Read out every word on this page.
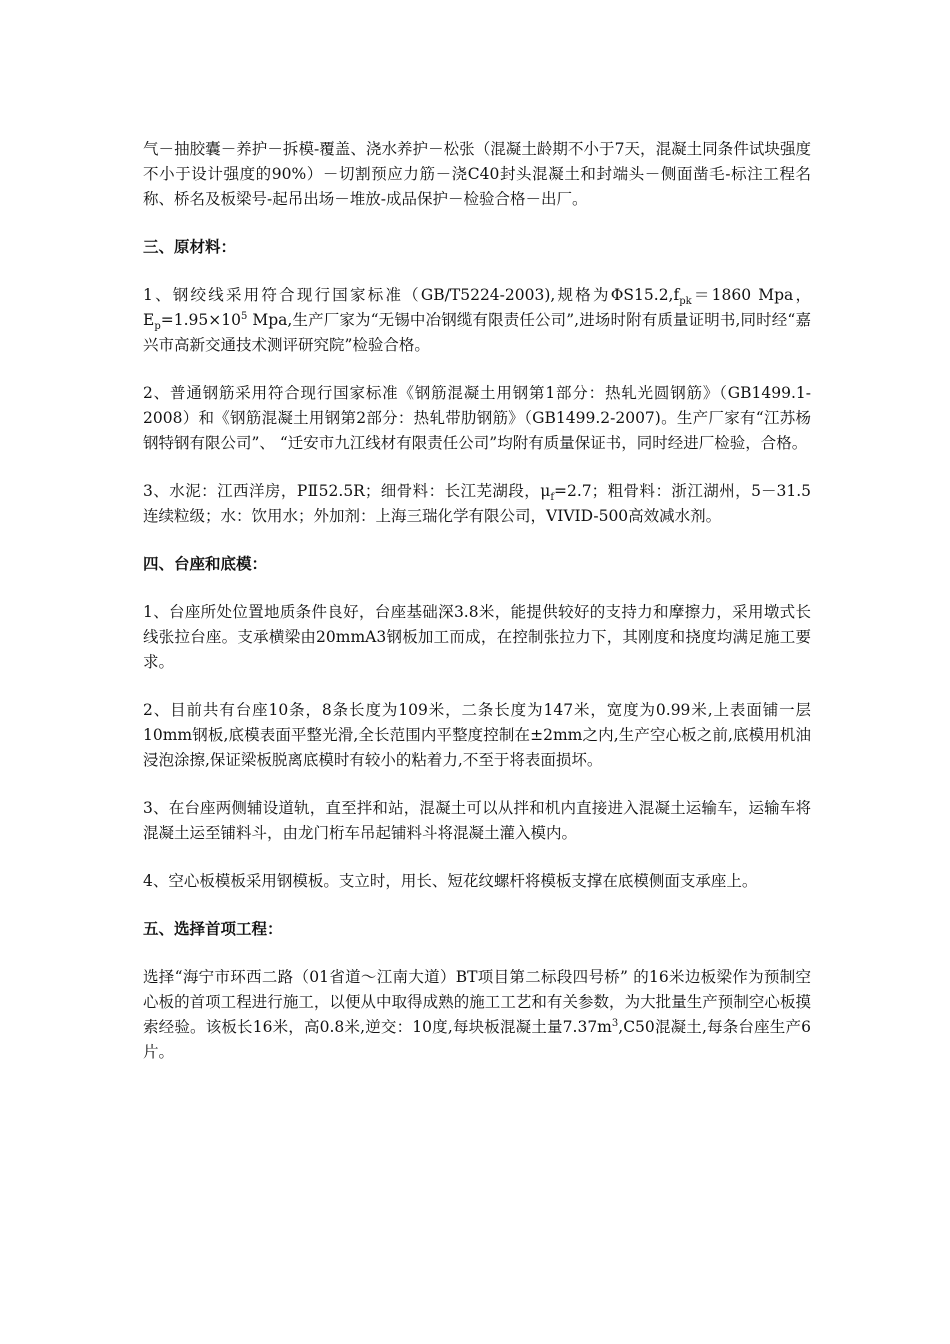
气－抽胶囊－养护－拆模-覆盖、浇水养护－松张（混凝土龄期不小于7天，混凝土同条件试块强度不小于设计强度的90%）－切割预应力筋－浇C40封头混凝土和封端头－侧面凿毛-标注工程名称、桥名及板梁号-起吊出场－堆放-成品保护－检验合格－出厂。

三、原材料：

1、钢绞线采用符合现行国家标准（GB/T5224-2003),规格为$\Phi S15.2,f_{pk}=1860$ Mpa， $E_p=1.95\times 10^5$ Mpa,生产厂家为“无锡中冶钢缆有限责任公司”,进场时附有质量证明书,同时经“嘉兴市高新交通技术测评研究院”检验合格。

2、普通钢筋采用符合现行国家标准《钢筋混凝土用钢第1部分：热轧光圆钢筋》（GB1499.1-2008）和《钢筋混凝土用钢第2部分：热轧带肋钢筋》（GB1499.2-2007)。生产厂家有“江苏杨钢特钢有限公司”、 “迁安市九江线材有限责任公司”均附有质量保证书，同时经进厂检验，合格。

3、水泥：江西洋房，PⅡ52.5R；细骨料：长江芜湖段，$\mu_f=2.7$；粗骨料：浙江湖州，5－31.5连续粒级；水：饮用水；外加剂：上海三瑞化学有限公司，VIVID-500高效减水剂。

四、台座和底模：

1、台座所处位置地质条件良好，台座基础深3.8米，能提供较好的支持力和摩擦力，采用墩式长线张拉台座。支承横梁由20mmA3钢板加工而成，在控制张拉力下，其刚度和挠度均满足施工要求。

2、目前共有台座10条，8条长度为109米，二条长度为147米，宽度为0.99米,上表面铺一层10mm钢板,底模表面平整光滑,全长范围内平整度控制在±2mm之内,生产空心板之前,底模用机油浸泡涂擦,保证梁板脱离底模时有较小的粘着力,不至于将表面损坏。

3、在台座两侧辅设道轨，直至拌和站，混凝土可以从拌和机内直接进入混凝土运输车，运输车将混凝土运至铺料斗，由龙门桁车吊起铺料斗将混凝土灌入模内。

4、空心板模板采用钢模板。支立时，用长、短花纹螺杆将模板支撑在底模侧面支承座上。

五、选择首项工程：

选择“海宁市环西二路（01省道～江南大道）BT项目第二标段四号桥” 的16米边板梁作为预制空心板的首项工程进行施工，以便从中取得成熟的施工工艺和有关参数，为大批量生产预制空心板摸索经验。该板长16米，高0.8米,逆交：10度,每块板混凝土量$7.37m^3,C50$混凝土,每条台座生产6片。
